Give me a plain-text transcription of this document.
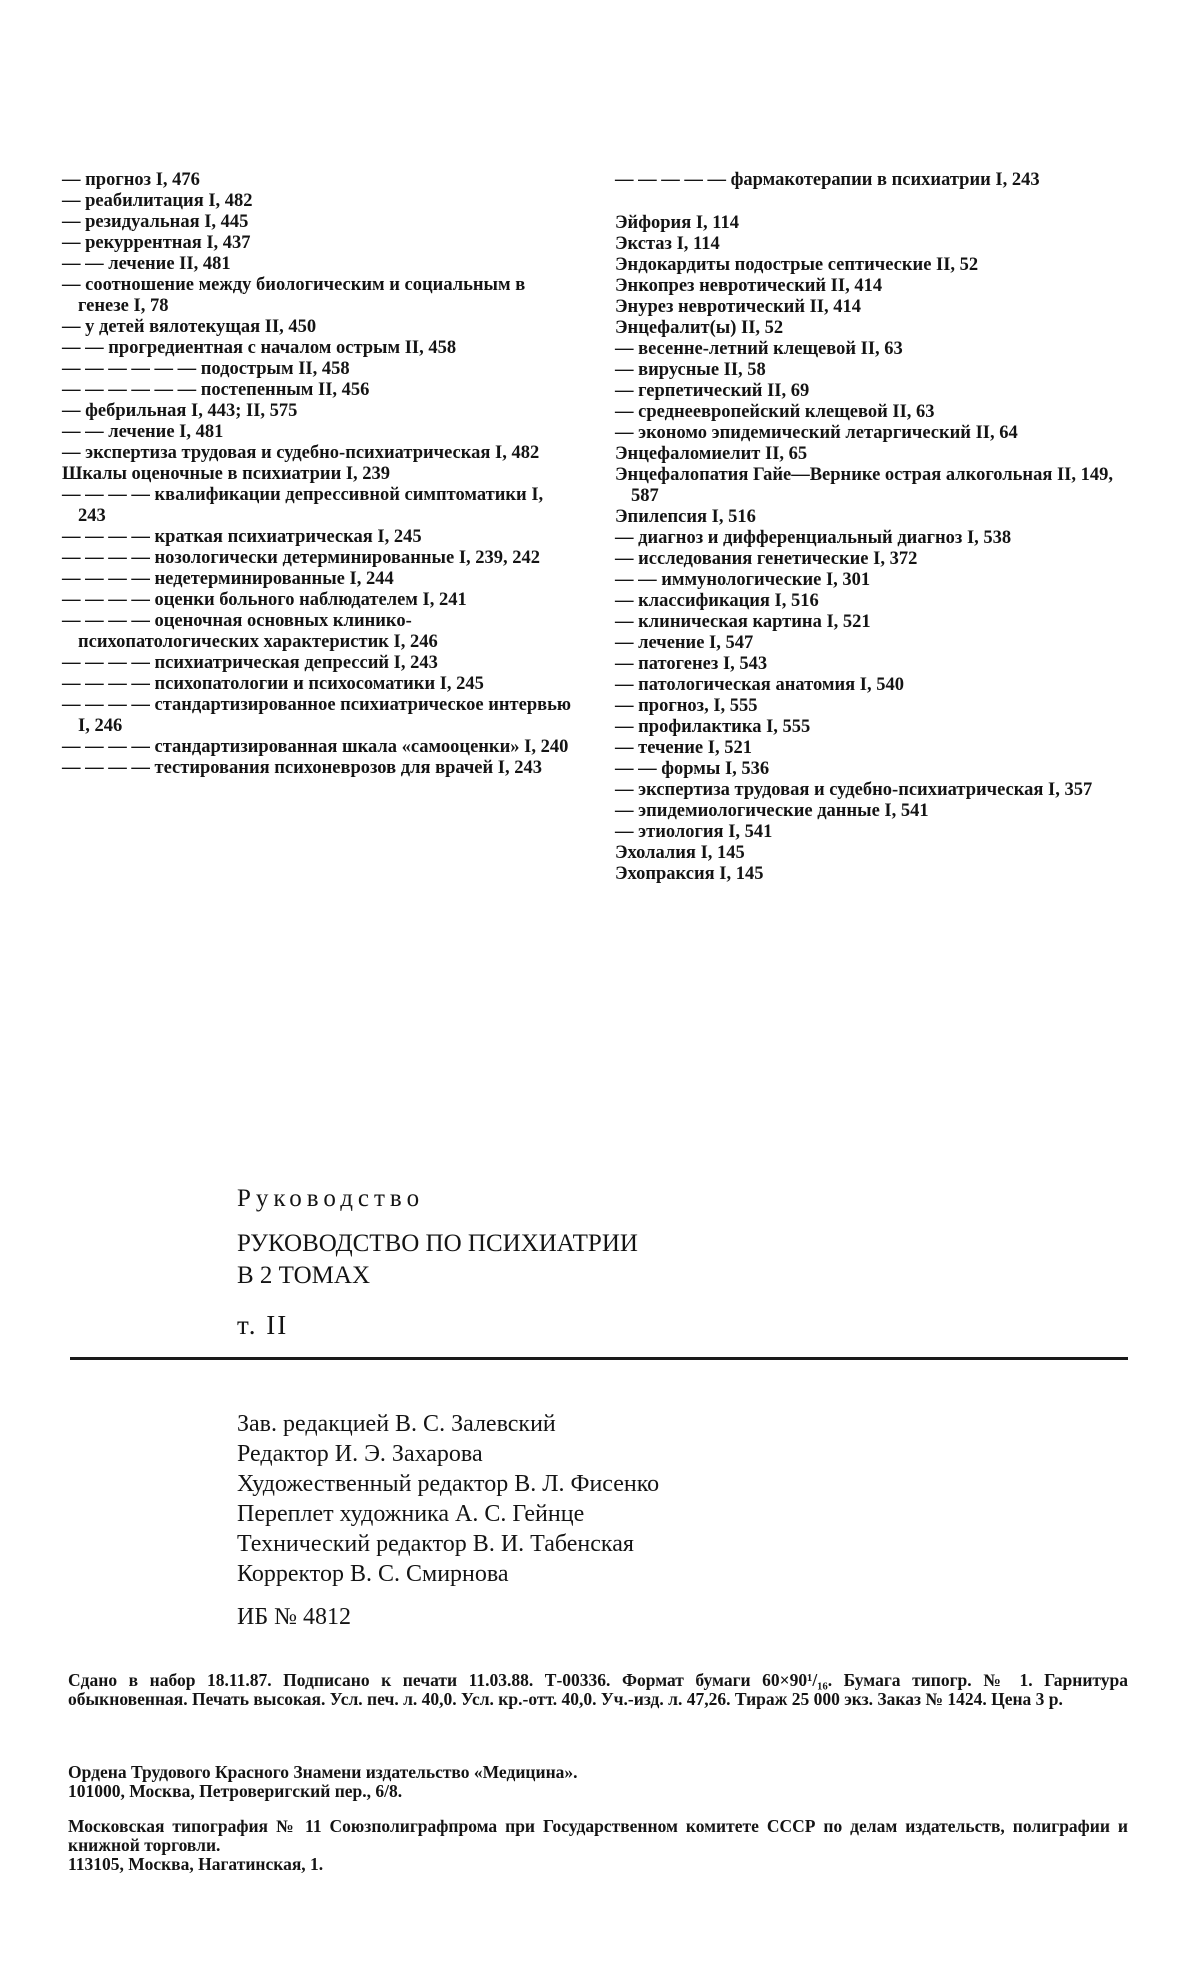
— прогноз I, 476

— реабилитация I, 482

— резидуальная I, 445

— рекуррентная I, 437

— — лечение II, 481

— соотношение между биологическим и социальным в генезе I, 78

— у детей вялотекущая II, 450

— — прогредиентная с началом острым II, 458

— — — — — — подострым II, 458

— — — — — — постепенным II, 456

— фебрильная I, 443; II, 575

— — лечение I, 481

— экспертиза трудовая и судебно-психиатрическая I, 482

Шкалы оценочные в психиатрии I, 239

— — — — квалификации депрессивной симптоматики I, 243

— — — — краткая психиатрическая I, 245

— — — — нозологически детерминированные I, 239, 242

— — — — недетерминированные I, 244

— — — — оценки больного наблюдателем I, 241

— — — — оценочная основных клинико-психопатологических характеристик I, 246

— — — — психиатрическая депрессий I, 243

— — — — психопатологии и психосоматики I, 245

— — — — стандартизированное психиатрическое интервью I, 246

— — — — стандартизированная шкала «самооценки» I, 240

— — — — тестирования психоневрозов для врачей I, 243

— — — — — фармакотерапии в психиатрии I, 243

Эйфория I, 114

Экстаз I, 114

Эндокардиты подострые септические II, 52

Энкопрез невротический II, 414

Энурез невротический II, 414

Энцефалит(ы) II, 52

— весенне-летний клещевой II, 63

— вирусные II, 58

— герпетический II, 69

— среднеевропейский клещевой II, 63

— экономо эпидемический летаргический II, 64

Энцефаломиелит II, 65

Энцефалопатия Гайе—Вернике острая алкогольная II, 149, 587

Эпилепсия I, 516

— диагноз и дифференциальный диагноз I, 538

— исследования генетические I, 372

— — иммунологические I, 301

— классификация I, 516

— клиническая картина I, 521

— лечение I, 547

— патогенез I, 543

— патологическая анатомия I, 540

— прогноз, I, 555

— профилактика I, 555

— течение I, 521

— — формы I, 536

— экспертиза трудовая и судебно-психиатрическая I, 357

— эпидемиологические данные I, 541

— этиология I, 541

Эхолалия I, 145

Эхопраксия I, 145

Руководство
РУКОВОДСТВО ПО ПСИХИАТРИИ
В 2 ТОМАХ
т. II
Зав. редакцией В. С. Залевский
Редактор И. Э. Захарова
Художественный редактор В. Л. Фисенко
Переплет художника А. С. Гейнце
Технический редактор В. И. Табенская
Корректор В. С. Смирнова
ИБ № 4812

Сдано в набор 18.11.87. Подписано к печати 11.03.88. Т-00336. Формат бумаги 60×90¹/₁₆. Бумага типогр. № 1. Гарнитура обыкновенная. Печать высокая. Усл. печ. л. 40,0. Усл. кр.-отт. 40,0. Уч.-изд. л. 47,26. Тираж 25 000 экз. Заказ № 1424. Цена 3 р.

Ордена Трудового Красного Знамени издательство «Медицина».

101000, Москва, Петроверигский пер., 6/8.

Московская типография № 11 Союзполиграфпрома при Государственном комитете СССР по делам издательств, полиграфии и книжной торговли.

113105, Москва, Нагатинская, 1.
